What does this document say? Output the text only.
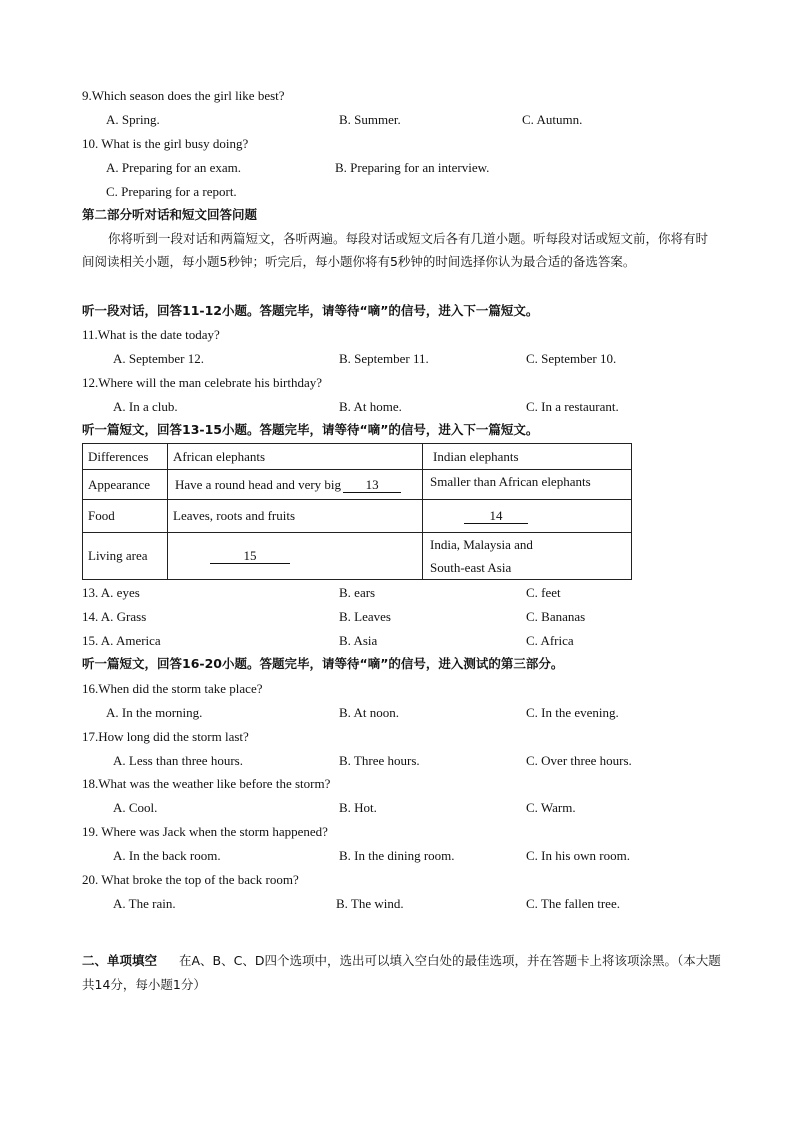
9.Which season does the girl like best?
A. Spring.	B. Summer.	C. Autumn.
10. What is the girl busy doing?
A. Preparing for an exam.	B. Preparing for an interview.
C. Preparing for a report.
第二部分听对话和短文回答问题
你将听到一段对话和两篇短文，各听两遍。每段对话或短文后各有几道小题。听每段对话或短文前，你将有时间阅读相关小题，每小题5秒钟；听完后，每小题你将有5秒钟的时间选择你认为最合适的备选答案。
听一段对话，回答11-12小题。答题完毕，请等待“嘀”的信号，进入下一篇短文。
11.What is the date today?
A. September 12.	B. September 11.	C. September 10.
12.Where will the man celebrate his birthday?
A. In a club.	B. At home.	C. In a restaurant.
听一篇短文，回答13-15小题。答题完毕，请等待“嘀”的信号，进入下一篇短文。
Differences	African elephants	Indian elephants
Appearance	Have a round head and very big 13	Smaller than African elephants
Food	Leaves, roots and fruits	14
Living area	15	India, Malaysia and
South-east Asia
13. A. eyes	B. ears	C. feet
14. A. Grass	B. Leaves	C. Bananas
15. A. America	B. Asia	C. Africa
听一篇短文，回答16-20小题。答题完毕，请等待“嘀”的信号，进入测试的第三部分。
16.When did the storm take place?
A. In the morning.	B. At noon.	C. In the evening.
17.How long did the storm last?
A. Less than three hours.	B. Three hours.	C. Over three hours.
18.What was the weather like before the storm?
A. Cool.	B. Hot.	C. Warm.
19. Where was Jack when the storm happened?
A. In the back room.	B. In the dining room.	C. In his own room.
20. What broke the top of the back room?
A. The rain.	B. The wind.	C. The fallen tree.
二、单项填空 在A、B、C、D四个选项中，选出可以填入空白处的最佳选项，并在答题卡上将该项涂黑。（本大题共14分，每小题1分）
